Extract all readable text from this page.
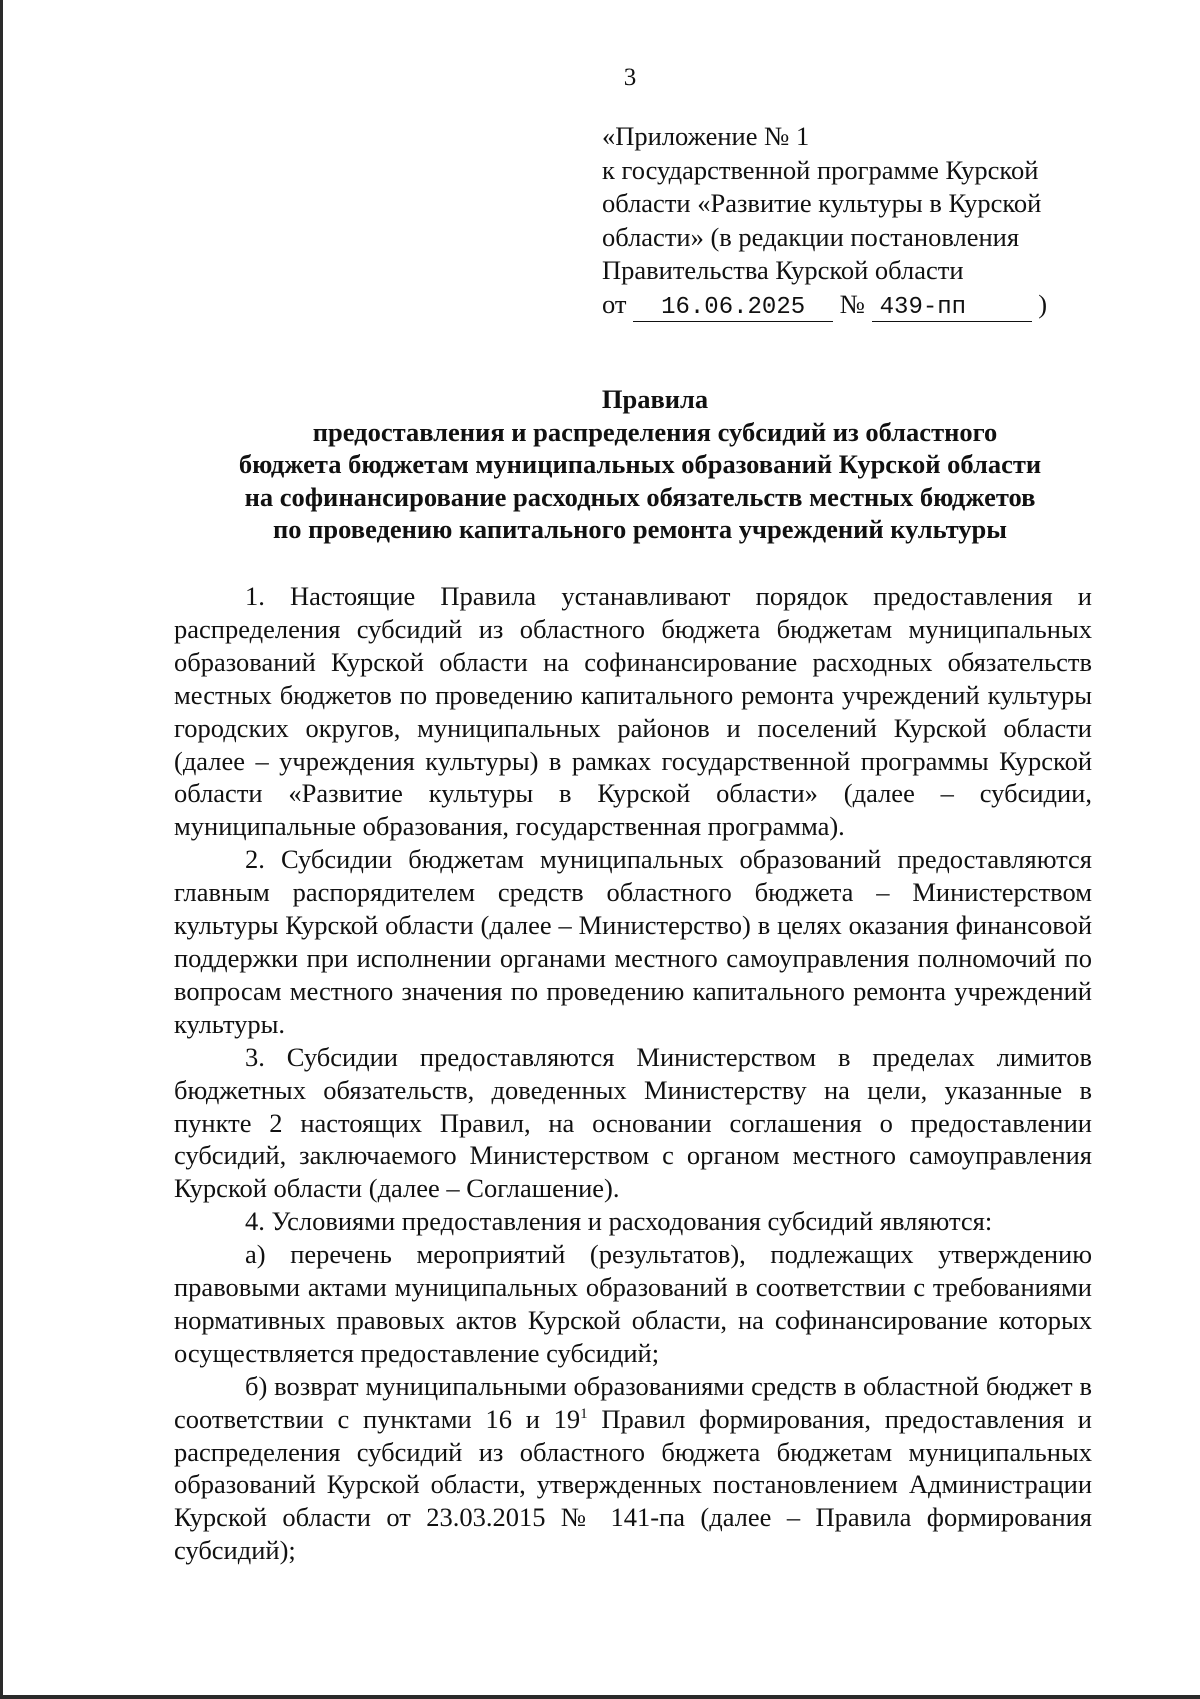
3
«Приложение № 1
к государственной программе Курской
области «Развитие культуры в Курской
области» (в редакции постановления
Правительства Курской области
от 16.06.2025 № 439-пп	)
Правила
предоставления и распределения субсидий из областного
бюджета бюджетам муниципальных образований Курской области
на софинансирование расходных обязательств местных бюджетов
по проведению капитального ремонта учреждений культуры

1. Настоящие Правила устанавливают порядок предоставления и распределения субсидий из областного бюджета бюджетам муниципальных образований Курской области на софинансирование расходных обязательств местных бюджетов по проведению капитального ремонта учреждений культуры городских округов, муниципальных районов и поселений Курской области (далее – учреждения культуры) в рамках государственной программы Курской области «Развитие культуры в Курской области» (далее – субсидии, муниципальные образования, государственная программа).

2. Субсидии бюджетам муниципальных образований предоставляются главным распорядителем средств областного бюджета – Министерством культуры Курской области (далее – Министерство) в целях оказания финансовой поддержки при исполнении органами местного самоуправления полномочий по вопросам местного значения по проведению капитального ремонта учреждений культуры.

3. Субсидии предоставляются Министерством в пределах лимитов бюджетных обязательств, доведенных Министерству на цели, указанные в пункте 2 настоящих Правил, на основании соглашения о предоставлении субсидий, заключаемого Министерством с органом местного самоуправления Курской области (далее – Соглашение).

4. Условиями предоставления и расходования субсидий являются:

а) перечень мероприятий (результатов), подлежащих утверждению правовыми актами муниципальных образований в соответствии с требованиями нормативных правовых актов Курской области, на софинансирование которых осуществляется предоставление субсидий;

б) возврат муниципальными образованиями средств в областной бюджет в соответствии с пунктами 16 и $19^1$ Правил формирования, предоставления и распределения субсидий из областного бюджета бюджетам муниципальных образований Курской области, утвержденных постановлением Администрации Курской области от 23.03.2015 № 141-па (далее – Правила формирования субсидий);
